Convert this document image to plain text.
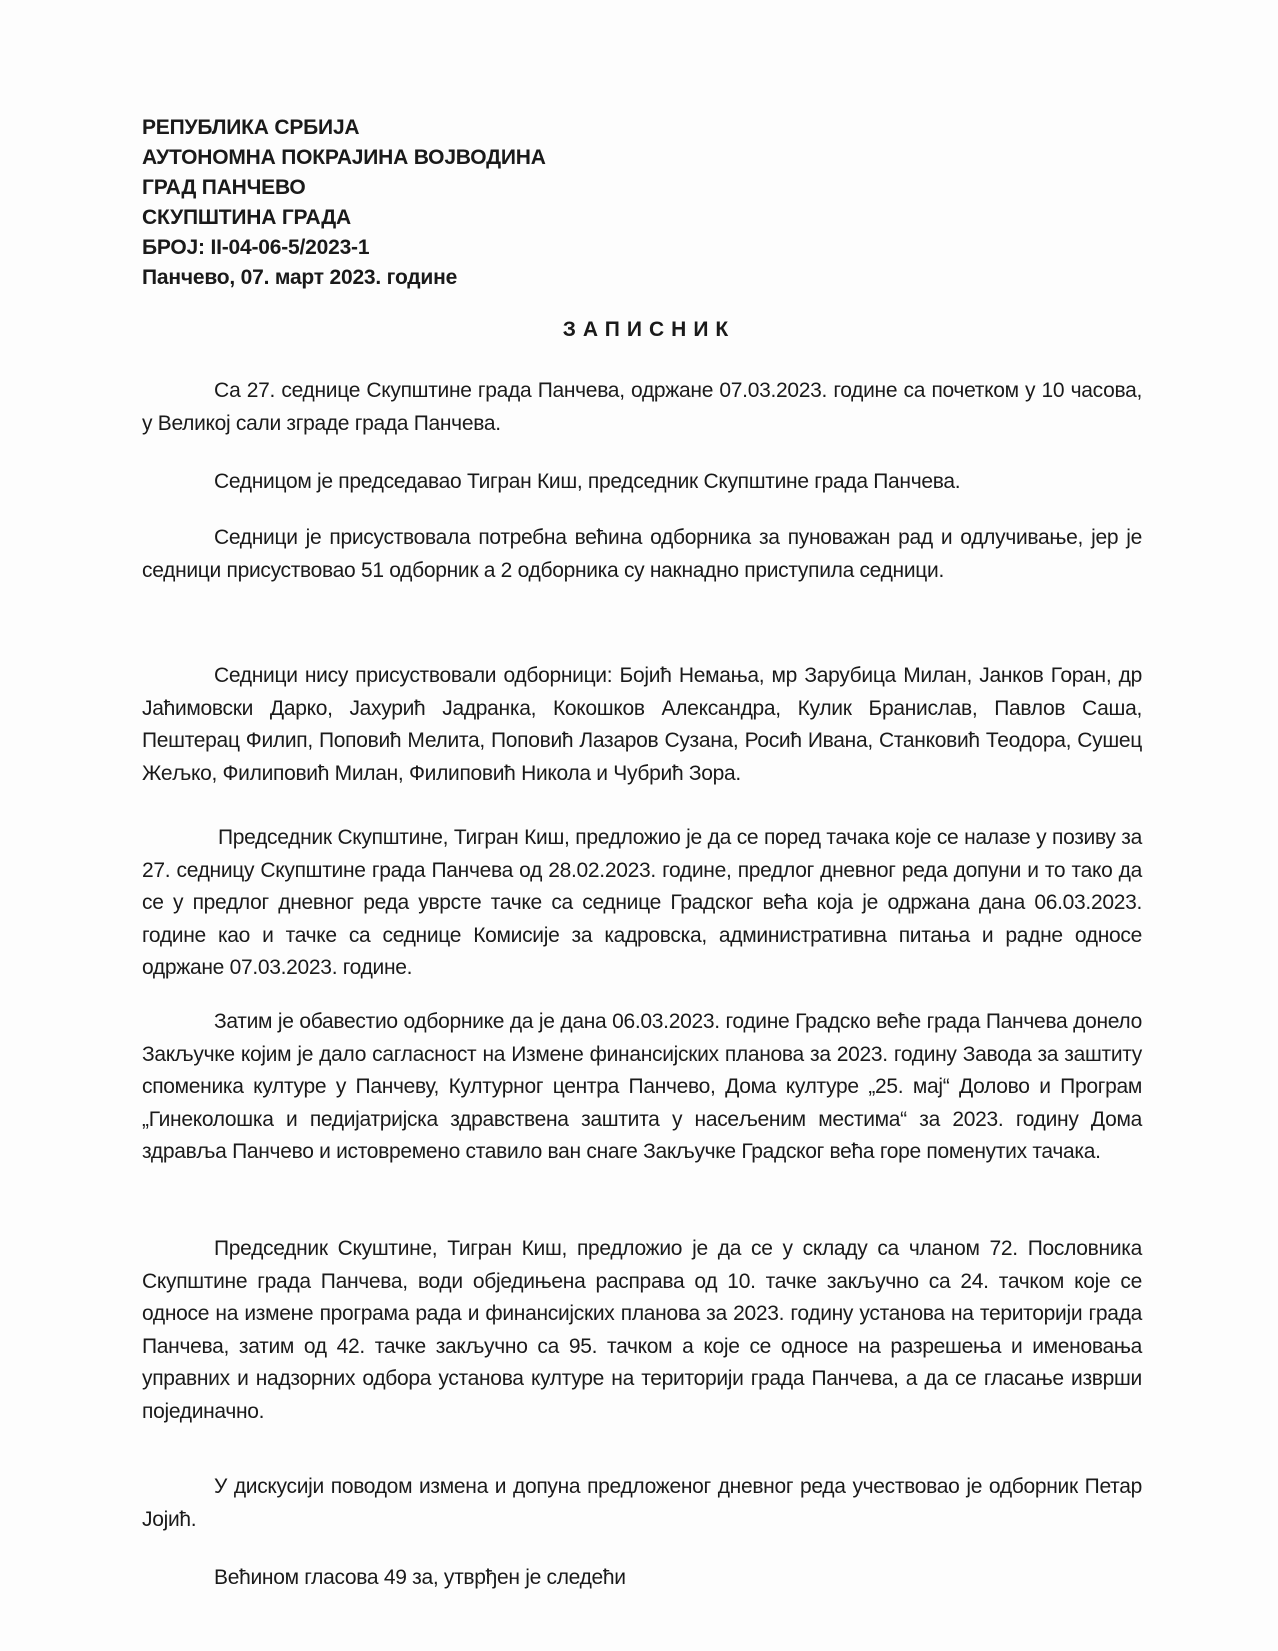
РЕПУБЛИКА СРБИЈА
АУТОНОМНА ПОКРАЈИНА ВОЈВОДИНА
ГРАД ПАНЧЕВО
СКУПШТИНА ГРАДА
БРОЈ: II-04-06-5/2023-1
Панчево, 07. март 2023. године
ЗАПИСНИК

Са 27. седнице Скупштине града Панчева, одржане 07.03.2023. године са почетком у 10 часова, у Великој сали зграде града Панчева.

Седницом је председавао Тигран Киш, председник Скупштине града Панчева.

Седници је присуствовала потребна већина одборника за пуноважан рад и одлучивање, јер је седници присуствовао 51 одборник а 2 одборника су накнадно приступила седници.

Седници нису присуствовали одборници: Бојић Немања, мр Зарубица Милан, Јанков Горан, др Јаћимовски Дарко, Јахурић Јадранка, Кокошков Александра, Кулик Бранислав, Павлов Саша, Пештерац Филип, Поповић Мелита, Поповић Лазаров Сузана, Росић Ивана, Станковић Теодора, Сушец Жељко, Филиповић Милан, Филиповић Никола и Чубрић Зора.

Председник Скупштине, Тигран Киш, предложио је да се поред тачака које се налазе у позиву за 27. седницу Скупштине града Панчева од 28.02.2023. године, предлог дневног реда допуни и то тако да се у предлог дневног реда уврсте тачке са седнице Градског већа која је одржана дана 06.03.2023. године као и тачке са седнице Комисије за кадровска, административна питања и радне односе одржане 07.03.2023. године.

Затим је обавестио одборнике да је дана 06.03.2023. године Градско веће града Панчева донело Закључке којим је дало сагласност на Измене финансијских планова за 2023. годину Завода за заштиту споменика културе у Панчеву, Културног центра Панчево, Дома културе „25. мај“ Долово и Програм „Гинеколошка и педијатријска здравствена заштита у насељеним местима“ за 2023. годину Дома здравља Панчево и истовремено ставило ван снаге Закључке Градског већа горе поменутих тачака.

Председник Скуштине, Тигран Киш, предложио је да се у складу са чланом 72. Пословника Скупштине града Панчева, води обједињена расправа од 10. тачке закључно са 24. тачком које се односе на измене програма рада и финансијских планова за 2023. годину установа на територији града Панчева, затим од 42. тачке закључно са 95. тачком а које се односе на разрешења и именовања управних и надзорних одбора установа културе на територији града Панчева, а да се гласање изврши појединачно.

У дискусији поводом измена и допуна предложеног дневног реда учествовао је одборник Петар Јојић.

Већином гласова 49 за, утврђен је следећи
